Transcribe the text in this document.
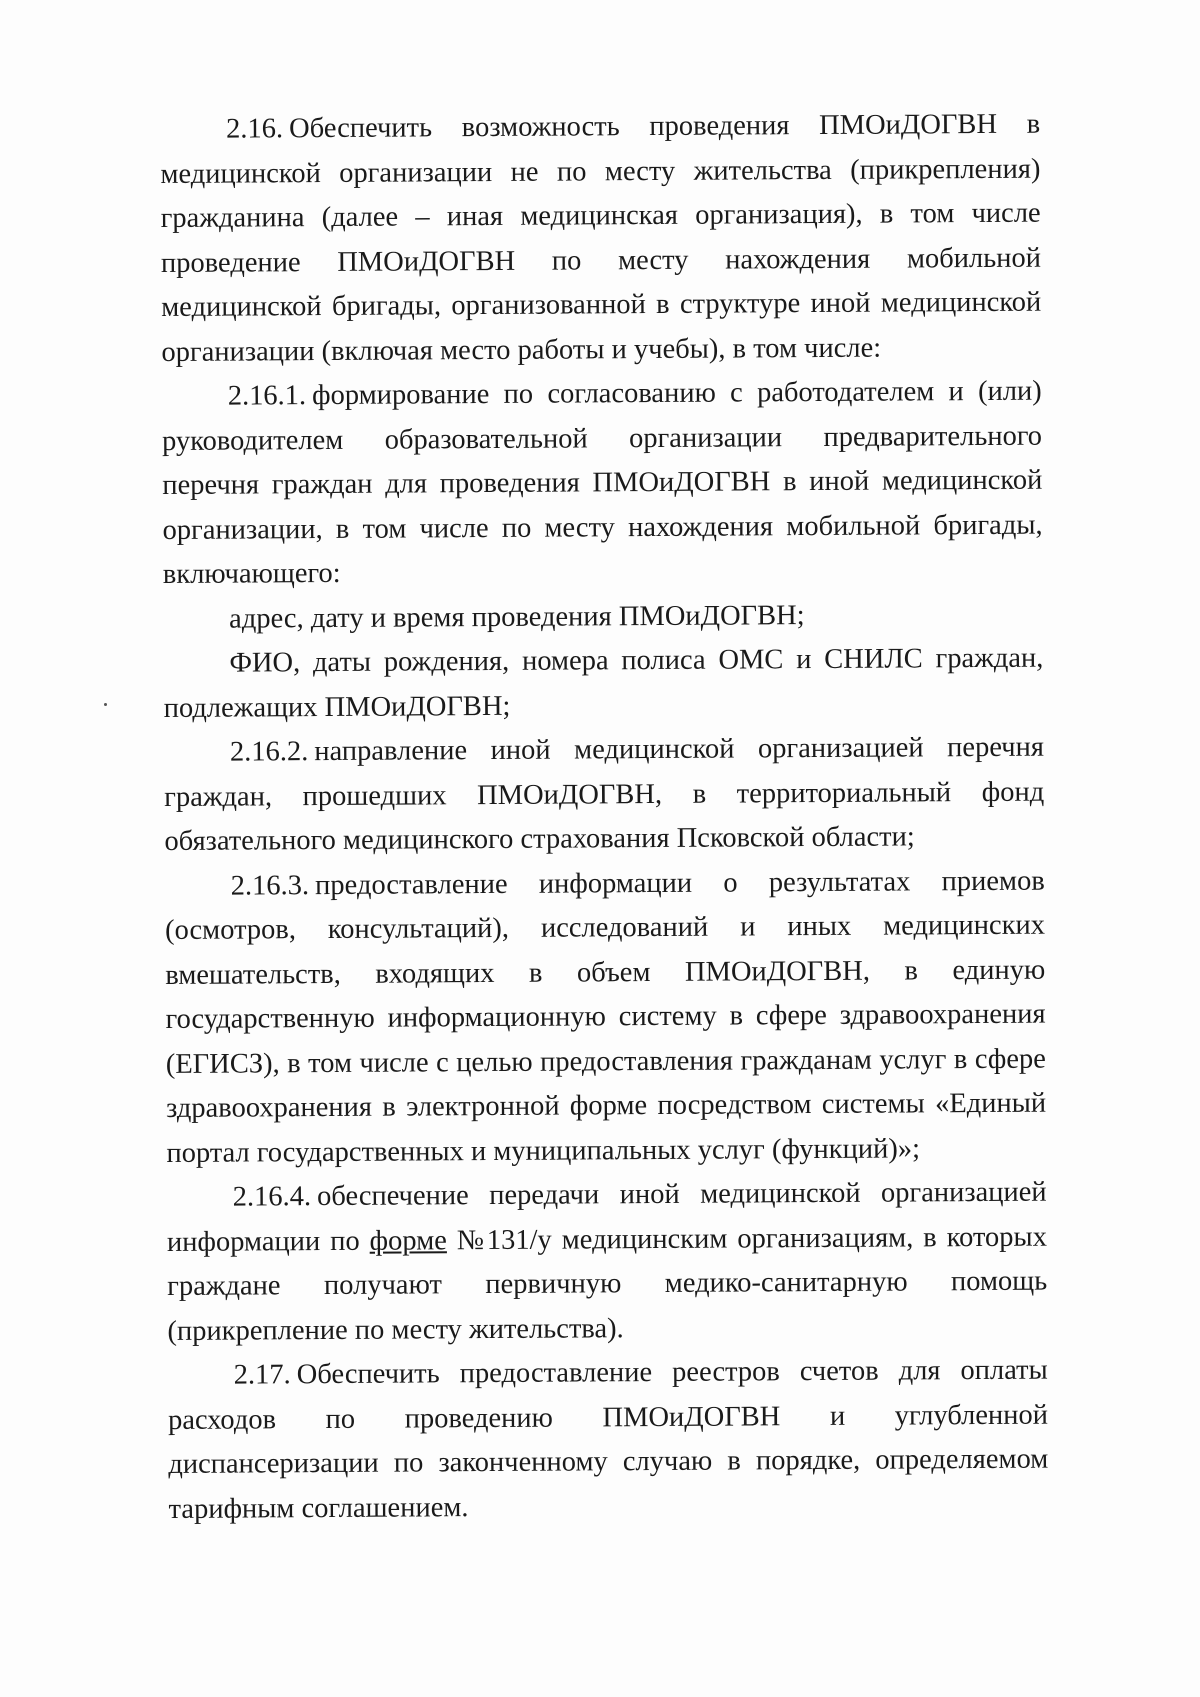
2.16. Обеспечить возможность проведения ПМОиДОГВН в медицинской организации не по месту жительства (прикрепления) гражданина (далее – иная медицинская организация), в том числе проведение ПМОиДОГВН по месту нахождения мобильной медицинской бригады, организованной в структуре иной медицинской организации (включая место работы и учебы), в том числе:

2.16.1. формирование по согласованию с работодателем и (или) руководителем образовательной организации предварительного перечня граждан для проведения ПМОиДОГВН в иной медицинской организации, в том числе по месту нахождения мобильной бригады, включающего:

адрес, дату и время проведения ПМОиДОГВН;

ФИО, даты рождения, номера полиса ОМС и СНИЛС граждан, подлежащих ПМОиДОГВН;

2.16.2. направление иной медицинской организацией перечня граждан, прошедших ПМОиДОГВН, в территориальный фонд обязательного медицинского страхования Псковской области;

2.16.3. предоставление информации о результатах приемов (осмотров, консультаций), исследований и иных медицинских вмешательств, входящих в объем ПМОиДОГВН, в единую государственную информационную систему в сфере здравоохранения (ЕГИСЗ), в том числе с целью предоставления гражданам услуг в сфере здравоохранения в электронной форме посредством системы «Единый портал государственных и муниципальных услуг (функций)»;

2.16.4. обеспечение передачи иной медицинской организацией информации по форме №131/у медицинским организациям, в которых граждане получают первичную медико-санитарную помощь (прикрепление по месту жительства).

2.17. Обеспечить предоставление реестров счетов для оплаты расходов по проведению ПМОиДОГВН и углубленной диспансеризации по законченному случаю в порядке, определяемом тарифным соглашением.
